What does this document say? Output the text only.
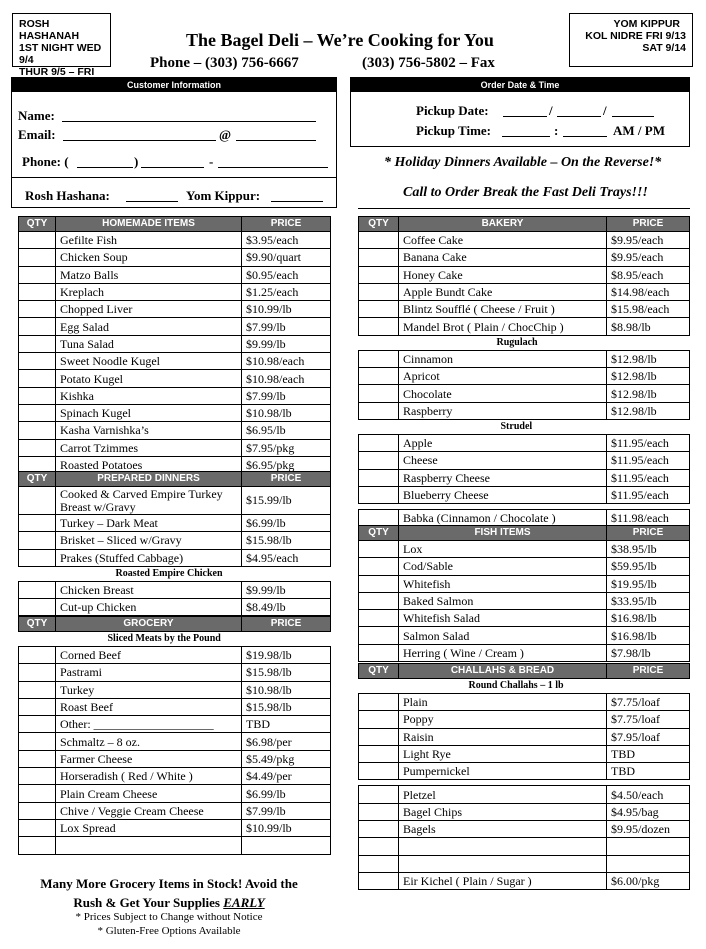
ROSH HASHANAH
1ST NIGHT WED 9/4
THUR 9/5 – FRI
YOM KIPPUR
KOL NIDRE FRI 9/13
SAT 9/14
The Bagel Deli – We’re Cooking for You
Phone – (303) 756-6667	(303) 756-5802 – Fax
Customer Information
Name:
Email:	@
Phone: (	)	-
Rosh Hashana:	Yom Kippur:
Order Date & Time
Pickup Date:	/	/
Pickup Time:	:	AM / PM
* Holiday Dinners Available – On the Reverse!*
Call to Order Break the Fast Deli Trays!!!
QTY	HOMEMADE ITEMS	PRICE
	Gefilte Fish	$3.95/each
	Chicken Soup	$9.90/quart
	Matzo Balls	$0.95/each
	Kreplach	$1.25/each
	Chopped Liver	$10.99/lb
	Egg Salad	$7.99/lb
	Tuna Salad	$9.99/lb
	Sweet Noodle Kugel	$10.98/each
	Potato Kugel	$10.98/each
	Kishka	$7.99/lb
	Spinach Kugel	$10.98/lb
	Kasha Varnishka’s	$6.95/lb
	Carrot Tzimmes	$7.95/pkg
	Roasted Potatoes	$6.95/pkg
QTY	PREPARED DINNERS	PRICE
	Cooked & Carved Empire Turkey Breast w/Gravy	$15.99/lb
	Turkey – Dark Meat	$6.99/lb
	Brisket – Sliced w/Gravy	$15.98/lb
	Prakes (Stuffed Cabbage)	$4.95/each
	Roasted Empire Chicken	
	Chicken Breast	$9.99/lb
	Cut-up Chicken	$8.49/lb
QTY	GROCERY	PRICE
	Sliced Meats by the Pound	
	Corned Beef	$19.98/lb
	Pastrami	$15.98/lb
	Turkey	$10.98/lb
	Roast Beef	$15.98/lb
	Other: ____________________	TBD
	Schmaltz – 8 oz.	$6.98/per
	Farmer Cheese	$5.49/pkg
	Horseradish ( Red / White )	$4.49/per
	Plain Cream Cheese	$6.99/lb
	Chive / Veggie Cream Cheese	$7.99/lb
	Lox Spread	$10.99/lb

QTY	BAKERY	PRICE
	Coffee Cake	$9.95/each
	Banana Cake	$9.95/each
	Honey Cake	$8.95/each
	Apple Bundt Cake	$14.98/each
	Blintz Soufflé ( Cheese / Fruit )	$15.98/each
	Mandel Brot ( Plain / ChocChip )	$8.98/lb
	Rugulach	
	Cinnamon	$12.98/lb
	Apricot	$12.98/lb
	Chocolate	$12.98/lb
	Raspberry	$12.98/lb
	Strudel	
	Apple	$11.95/each
	Cheese	$11.95/each
	Raspberry Cheese	$11.95/each
	Blueberry Cheese	$11.95/each

	Babka (Cinnamon / Chocolate )	$11.98/each
QTY	FISH ITEMS	PRICE
	Lox	$38.95/lb
	Cod/Sable	$59.95/lb
	Whitefish	$19.95/lb
	Baked Salmon	$33.95/lb
	Whitefish Salad	$16.98/lb
	Salmon Salad	$16.98/lb
	Herring ( Wine / Cream )	$7.98/lb
QTY	CHALLAHS & BREAD	PRICE
	Round Challahs – 1 lb	
	Plain	$7.75/loaf
	Poppy	$7.75/loaf
	Raisin	$7.95/loaf
	Light Rye	TBD
	Pumpernickel	TBD

	Pletzel	$4.50/each
	Bagel Chips	$4.95/bag
	Bagels	$9.95/dozen

	Eir Kichel ( Plain / Sugar )	$6.00/pkg
Many More Grocery Items in Stock! Avoid the
Rush & Get Your Supplies EARLY
* Prices Subject to Change without Notice
* Gluten-Free Options Available
